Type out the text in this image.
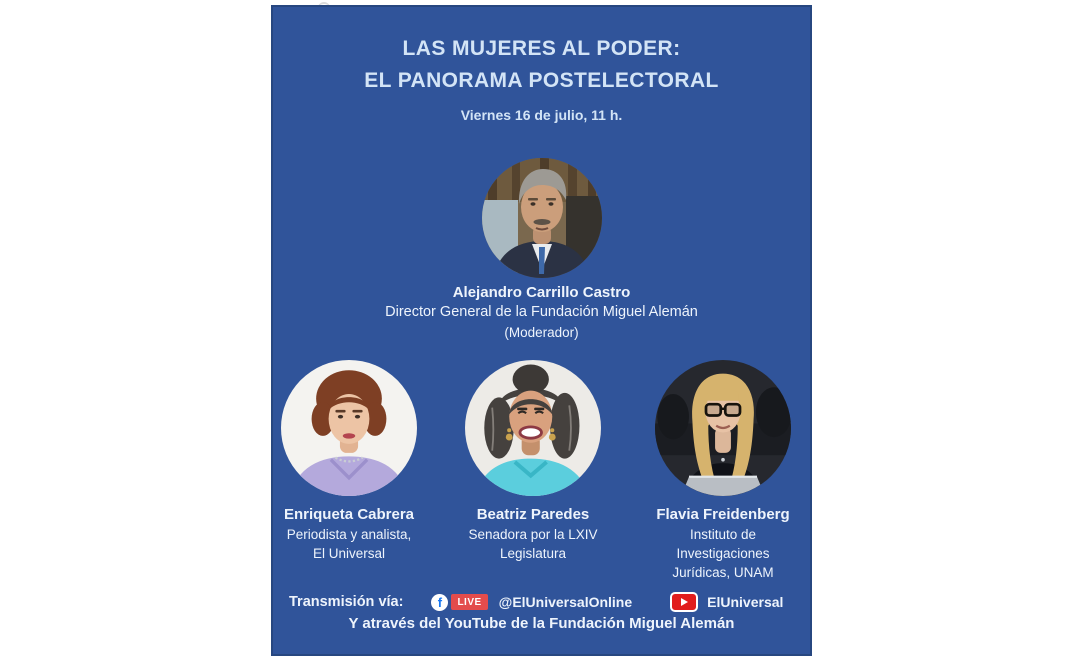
LAS MUJERES AL PODER:
EL PANORAMA POSTELECTORAL
Viernes 16 de julio, 11 h.
Alejandro Carrillo Castro
Director General de la Fundación Miguel Alemán
(Moderador)
Enriqueta Cabrera
Periodista y analista,
El Universal
Beatriz Paredes
Senadora por la LXIV
Legislatura
Flavia Freidenberg
Instituto de
Investigaciones
Jurídicas, UNAM
Transmisión vía:	f	LIVE	@ElUniversalOnline	ElUniversal
Y através del YouTube de la Fundación Miguel Alemán
